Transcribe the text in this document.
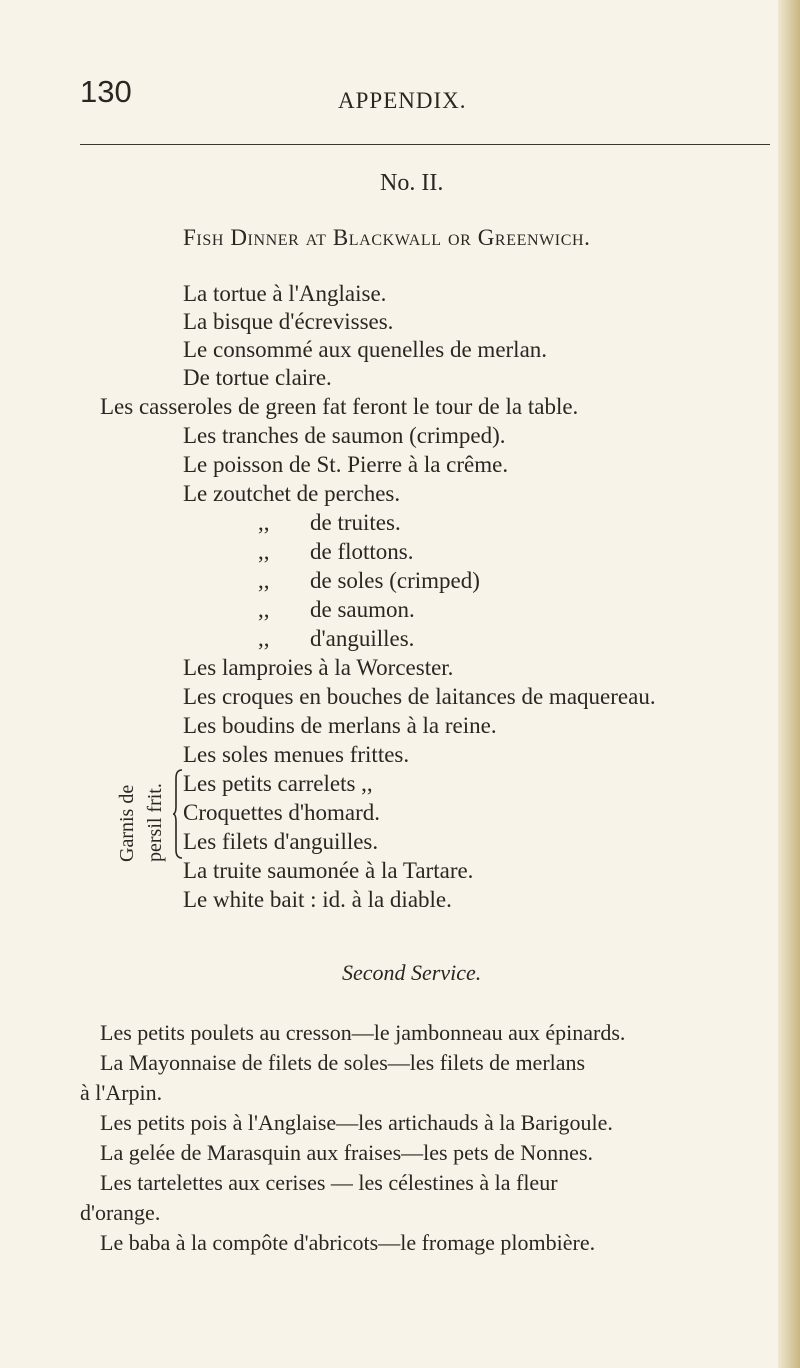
130	APPENDIX.
No. II.
Fish Dinner at Blackwall or Greenwich.
La tortue à l'Anglaise.
La bisque d'écrevisses.
Le consommé aux quenelles de merlan.
De tortue claire.
Les casseroles de green fat feront le tour de la table.
Les tranches de saumon (crimped).
Le poisson de St. Pierre à la crême.
Le zoutchet de perches.
,, de truites.
,, de flottons.
,, de soles (crimped)
,, de saumon.
,, d'anguilles.
Les lamproies à la Worcester.
Les croques en bouches de laitances de maquereau.
Les boudins de merlans à la reine.
Garnis de persil frit.
Les soles menues frittes.
Les petits carrelets ,,
Croquettes d'homard.
Les filets d'anguilles.
La truite saumonée à la Tartare.
Le white bait : id. à la diable.
Second Service.
Les petits poulets au cresson—le jambonneau aux épinards.
La Mayonnaise de filets de soles—les filets de merlans
à l'Arpin.
Les petits pois à l'Anglaise—les artichauds à la Barigoule.
La gelée de Marasquin aux fraises—les pets de Nonnes.
Les tartelettes aux cerises — les célestines à la fleur
d'orange.
Le baba à la compôte d'abricots—le fromage plombière.
